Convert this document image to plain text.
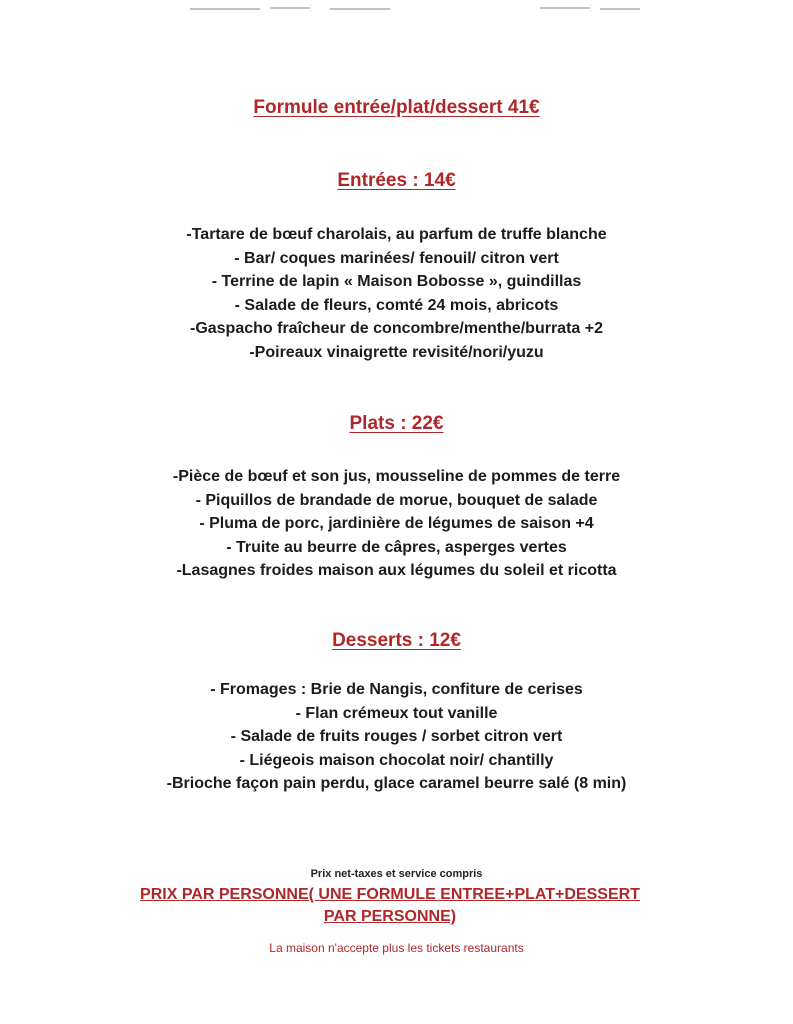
Formule entrée/plat/dessert 41€
Entrées : 14€
-Tartare de bœuf charolais, au parfum de truffe blanche
- Bar/ coques marinées/ fenouil/ citron vert
- Terrine de lapin « Maison Bobosse », guindillas
- Salade de fleurs, comté 24 mois, abricots
-Gaspacho fraîcheur de concombre/menthe/burrata +2
-Poireaux vinaigrette revisité/nori/yuzu
Plats : 22€
-Pièce de bœuf et son jus, mousseline de pommes de terre
- Piquillos de brandade de morue, bouquet de salade
- Pluma de porc, jardinière de légumes de saison +4
- Truite au beurre de câpres, asperges vertes
-Lasagnes froides maison aux légumes du soleil et ricotta
Desserts : 12€
- Fromages : Brie de Nangis, confiture de cerises
- Flan crémeux tout vanille
- Salade de fruits rouges / sorbet citron vert
- Liégeois maison chocolat noir/ chantilly
-Brioche façon pain perdu, glace caramel beurre salé (8 min)
Prix net-taxes et service compris
PRIX PAR PERSONNE( UNE FORMULE ENTREE+PLAT+DESSERT
PAR PERSONNE)
La maison n'accepte plus les tickets restaurants
